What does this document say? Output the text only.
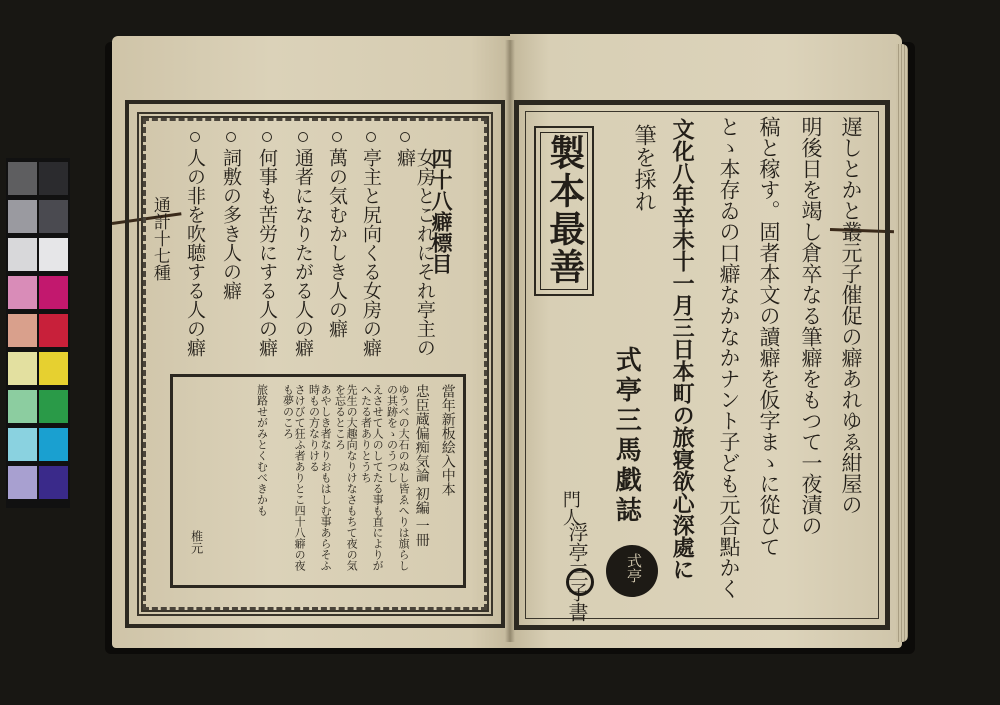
製本最善	遅しとかと叢元子催促の癖あれゆゑ紺屋の
明後日を竭し倉卒なる筆癖をもつて一夜漬の
稿と稼す。固者本文の讀癖を仮字まゝに從ひて
とゝ本存ゐの口癖なかなかナント子ども元合點かく
筆を採れ 文化八年辛未十一月三日本町の旅寝欲心深處に
式亭三馬戯誌
門人
浮亭三子書 式亭
四十八癖標目
女房とこれにそれ亭主の癖
亭主と尻向くる女房の癖
萬の気むかしき人の癖
通者になりたがる人の癖
何事も苦労にする人の癖
詞敷の多き人の癖
人の非を吹聴する人の癖
通計十七種
當年新板絵入中本
忠臣蔵偏痴気論 初編 一冊
ゆうべの大石のぬし皆ゑへりは旗らしの其跡をゝのうつし
えさせて人のしてたる事も直によりがへたる者ありとうち
先生の大趣向なりけなさもちて夜の気を忘るところ
あやしき者なりおもはしむ事あらそふ時もの方なりける
さけびて狂ふ者ありとこ四十八癖の夜も夢のころ
旅路せがみとくむべきかも
椎元
